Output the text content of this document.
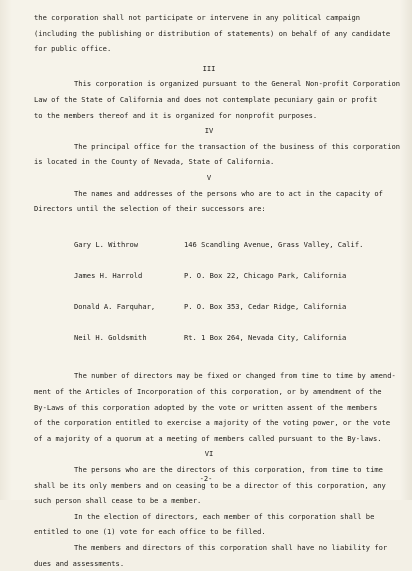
the corporation shall not participate or intervene in any political campaign

(including the publishing or distribution of statements) on behalf of any candidate

for public office.

III

This corporation is organized pursuant to the General Non-profit Corporation

Law of the State of California and does not contemplate pecuniary gain or profit

to the members thereof and it is organized for nonprofit purposes.

IV

The principal office for the transaction of the business of this corporation

is located in the County of Nevada, State of California.

V

The names and addresses of the persons who are to act in the capacity of

Directors until the selection of their successors are:

Gary L. Withrow

James H. Harrold

Donald A. Farquhar,

Neil H. Goldsmith

146 Scandling Avenue, Grass Valley, Calif.

P. O. Box 22, Chicago Park, California

P. O. Box 353, Cedar Ridge, California

Rt. 1 Box 264, Nevada City, California

The number of directors may be fixed or changed from time to time by amend-

ment of the Articles of Incorporation of this corporation, or by amendment of the

By-Laws of this corporation adopted by the vote or written assent of the members

of the corporation entitled to exercise a majority of the voting power, or the vote

of a majority of a quorum at a meeting of members called pursuant to the By-laws.

VI

The persons who are the directors of this corporation, from time to time

shall be its only members and on ceasing to be a director of this corporation, any

such person shall cease to be a member.

In the election of directors, each member of this corporation shall be

entitled to one (1) vote for each office to be filled.

The members and directors of this corporation shall have no liability for

dues and assessments.

-2-
